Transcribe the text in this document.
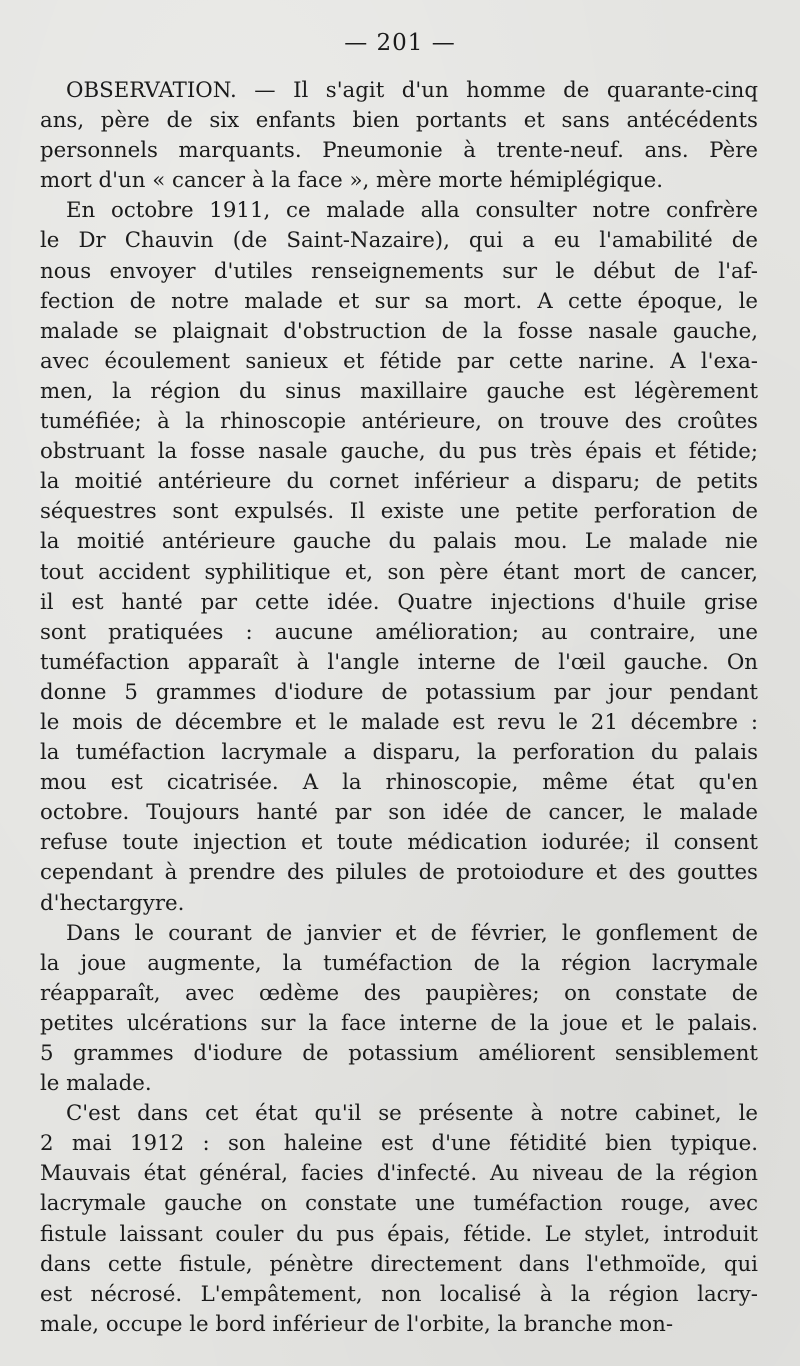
— 201 —
OBSERVATION. — Il s'agit d'un homme de quarante-cinq
ans, père de six enfants bien portants et sans antécédents
personnels marquants. Pneumonie à trente-neuf. ans. Père
mort d'un « cancer à la face », mère morte hémiplégique.
En octobre 1911, ce malade alla consulter notre confrère
le Dr Chauvin (de Saint-Nazaire), qui a eu l'amabilité de
nous envoyer d'utiles renseignements sur le début de l'af-
fection de notre malade et sur sa mort. A cette époque, le
malade se plaignait d'obstruction de la fosse nasale gauche,
avec écoulement sanieux et fétide par cette narine. A l'exa-
men, la région du sinus maxillaire gauche est légèrement
tuméfiée; à la rhinoscopie antérieure, on trouve des croûtes
obstruant la fosse nasale gauche, du pus très épais et fétide;
la moitié antérieure du cornet inférieur a disparu; de petits
séquestres sont expulsés. Il existe une petite perforation de
la moitié antérieure gauche du palais mou. Le malade nie
tout accident syphilitique et, son père étant mort de cancer,
il est hanté par cette idée. Quatre injections d'huile grise
sont pratiquées : aucune amélioration; au contraire, une
tuméfaction apparaît à l'angle interne de l'œil gauche. On
donne 5 grammes d'iodure de potassium par jour pendant
le mois de décembre et le malade est revu le 21 décembre :
la tuméfaction lacrymale a disparu, la perforation du palais
mou est cicatrisée. A la rhinoscopie, même état qu'en
octobre. Toujours hanté par son idée de cancer, le malade
refuse toute injection et toute médication iodurée; il consent
cependant à prendre des pilules de protoiodure et des gouttes
d'hectargyre.
Dans le courant de janvier et de février, le gonflement de
la joue augmente, la tuméfaction de la région lacrymale
réapparaît, avec œdème des paupières; on constate de
petites ulcérations sur la face interne de la joue et le palais.
5 grammes d'iodure de potassium améliorent sensiblement
le malade.
C'est dans cet état qu'il se présente à notre cabinet, le
2 mai 1912 : son haleine est d'une fétidité bien typique.
Mauvais état général, facies d'infecté. Au niveau de la région
lacrymale gauche on constate une tuméfaction rouge, avec
fistule laissant couler du pus épais, fétide. Le stylet, introduit
dans cette fistule, pénètre directement dans l'ethmoïde, qui
est nécrosé. L'empâtement, non localisé à la région lacry-
male, occupe le bord inférieur de l'orbite, la branche mon-
